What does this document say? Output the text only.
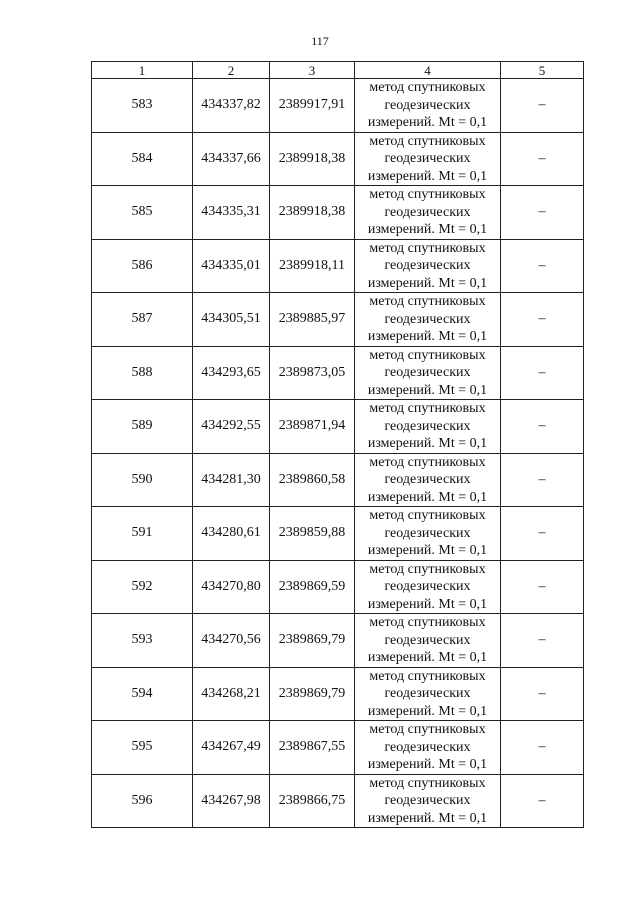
117
1	2	3	4	5
583	434337,82	2389917,91	метод спутниковых
геодезических
измерений. Mt = 0,1	–
584	434337,66	2389918,38	метод спутниковых
геодезических
измерений. Mt = 0,1	–
585	434335,31	2389918,38	метод спутниковых
геодезических
измерений. Mt = 0,1	–
586	434335,01	2389918,11	метод спутниковых
геодезических
измерений. Mt = 0,1	–
587	434305,51	2389885,97	метод спутниковых
геодезических
измерений. Mt = 0,1	–
588	434293,65	2389873,05	метод спутниковых
геодезических
измерений. Mt = 0,1	–
589	434292,55	2389871,94	метод спутниковых
геодезических
измерений. Mt = 0,1	–
590	434281,30	2389860,58	метод спутниковых
геодезических
измерений. Mt = 0,1	–
591	434280,61	2389859,88	метод спутниковых
геодезических
измерений. Mt = 0,1	–
592	434270,80	2389869,59	метод спутниковых
геодезических
измерений. Mt = 0,1	–
593	434270,56	2389869,79	метод спутниковых
геодезических
измерений. Mt = 0,1	–
594	434268,21	2389869,79	метод спутниковых
геодезических
измерений. Mt = 0,1	–
595	434267,49	2389867,55	метод спутниковых
геодезических
измерений. Mt = 0,1	–
596	434267,98	2389866,75	метод спутниковых
геодезических
измерений. Mt = 0,1	–
